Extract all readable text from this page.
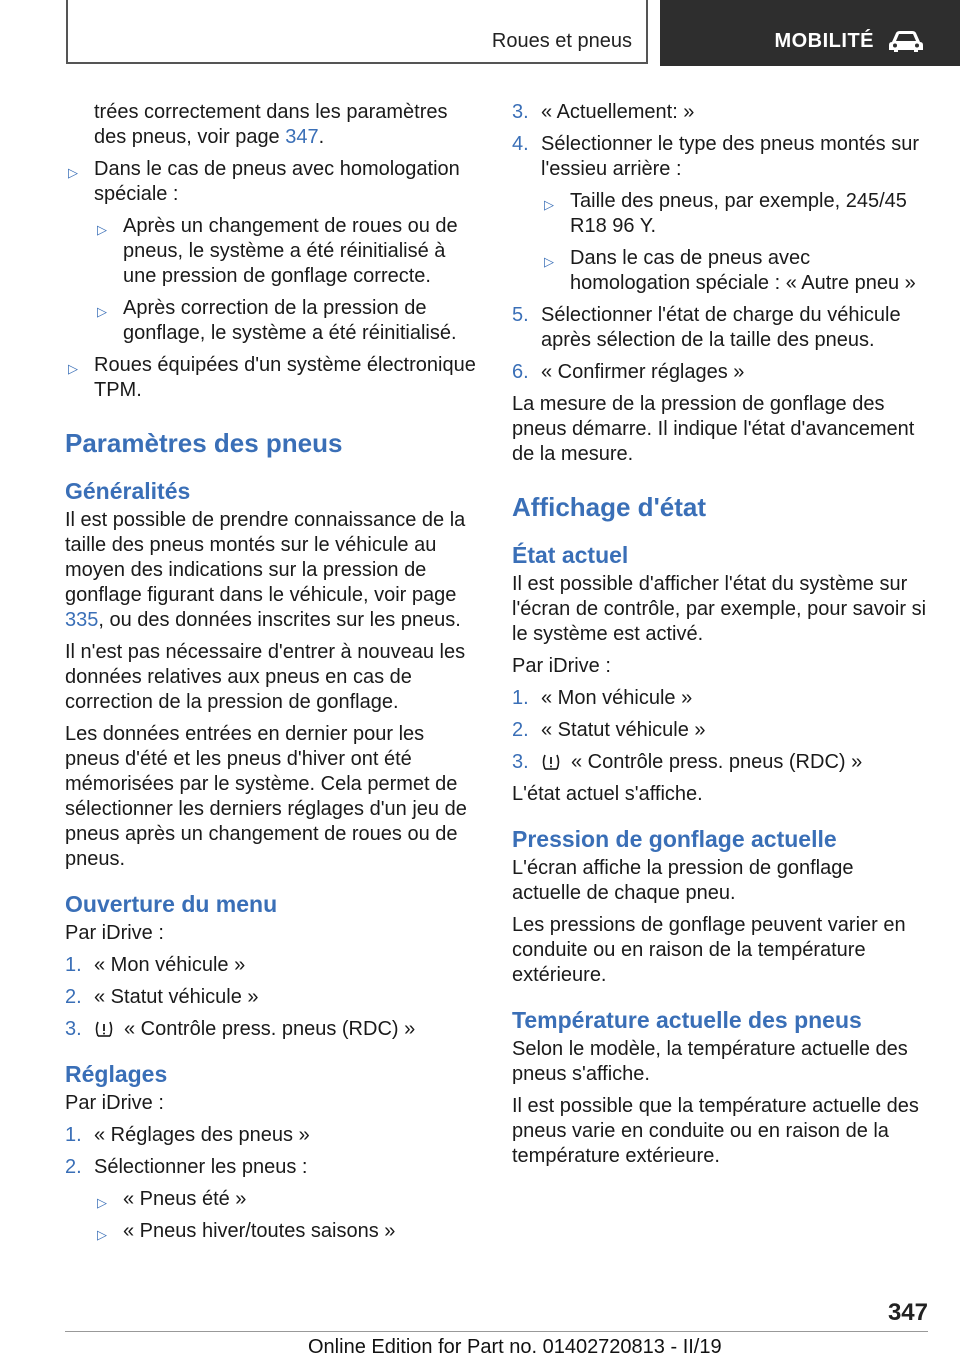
Roues et pneus	MOBILITÉ

trées correctement dans les paramètres des pneus, voir page 347.

▷ Dans le cas de pneus avec homologation spéciale :
▷ Après un changement de roues ou de pneus, le système a été réinitialisé à une pression de gonflage correcte.
▷ Après correction de la pression de gonflage, le système a été réinitialisé.
▷ Roues équipées d'un système électronique TPM.
Paramètres des pneus
Généralités

Il est possible de prendre connaissance de la taille des pneus montés sur le véhicule au moyen des indications sur la pression de gonflage figurant dans le véhicule, voir page 335, ou des données inscrites sur les pneus.

Il n'est pas nécessaire d'entrer à nouveau les données relatives aux pneus en cas de correction de la pression de gonflage.

Les données entrées en dernier pour les pneus d'été et les pneus d'hiver ont été mémorisées par le système. Cela permet de sélectionner les derniers réglages d'un jeu de pneus après un changement de roues ou de pneus.

Ouverture du menu

Par iDrive :

1. « Mon véhicule »
2. « Statut véhicule »
3. « Contrôle press. pneus (RDC) »
Réglages

Par iDrive :

1. « Réglages des pneus »
2. Sélectionner les pneus :
▷ « Pneus été »
▷ « Pneus hiver/toutes saisons »
3. « Actuellement: »
4. Sélectionner le type des pneus montés sur l'essieu arrière :
▷ Taille des pneus, par exemple, 245/45 R18 96 Y.
▷ Dans le cas de pneus avec homologation spéciale : « Autre pneu »
5. Sélectionner l'état de charge du véhicule après sélection de la taille des pneus.
6. « Confirmer réglages »

La mesure de la pression de gonflage des pneus démarre. Il indique l'état d'avancement de la mesure.

Affichage d'état
État actuel

Il est possible d'afficher l'état du système sur l'écran de contrôle, par exemple, pour savoir si le système est activé.

Par iDrive :

1. « Mon véhicule »
2. « Statut véhicule »
3. « Contrôle press. pneus (RDC) »

L'état actuel s'affiche.

Pression de gonflage actuelle

L'écran affiche la pression de gonflage actuelle de chaque pneu.

Les pressions de gonflage peuvent varier en conduite ou en raison de la température extérieure.

Température actuelle des pneus

Selon le modèle, la température actuelle des pneus s'affiche.

Il est possible que la température actuelle des pneus varie en conduite ou en raison de la température extérieure.

347
Online Edition for Part no. 01402720813 - II/19
